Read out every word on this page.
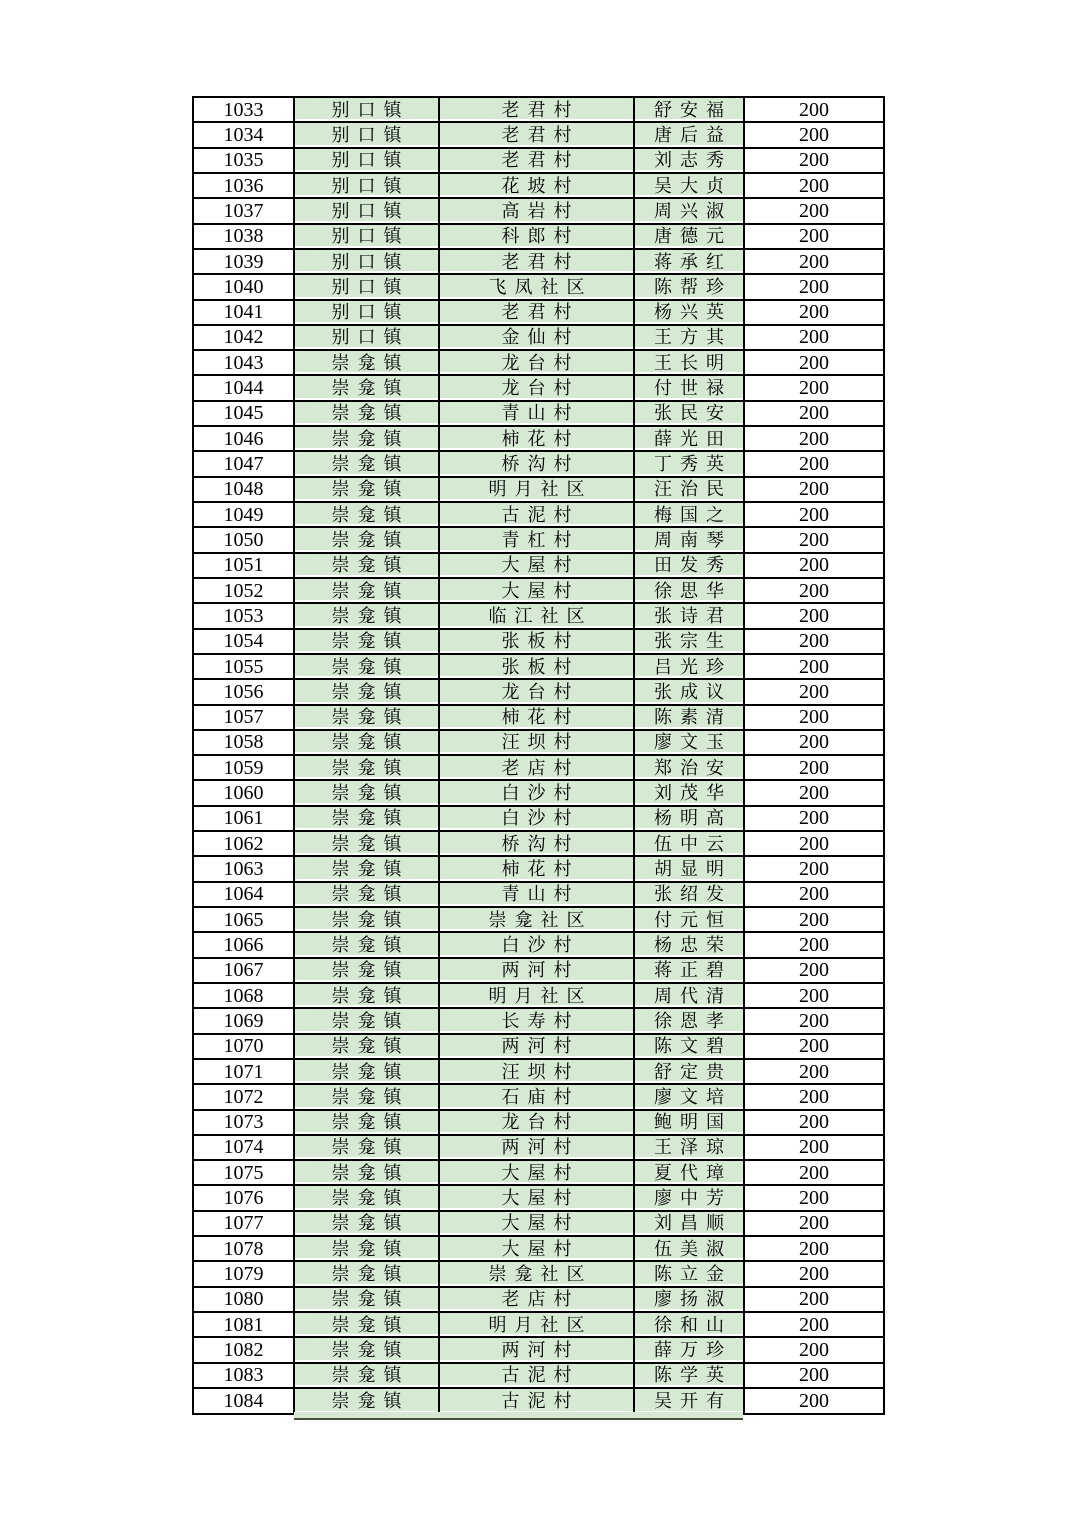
1033	别口镇	老君村	舒安福	200
1034	别口镇	老君村	唐后益	200
1035	别口镇	老君村	刘志秀	200
1036	别口镇	花坡村	吴大贞	200
1037	别口镇	高岩村	周兴淑	200
1038	别口镇	科郎村	唐德元	200
1039	别口镇	老君村	蒋承红	200
1040	别口镇	飞凤社区	陈帮珍	200
1041	别口镇	老君村	杨兴英	200
1042	别口镇	金仙村	王方其	200
1043	崇龛镇	龙台村	王长明	200
1044	崇龛镇	龙台村	付世禄	200
1045	崇龛镇	青山村	张民安	200
1046	崇龛镇	柿花村	薛光田	200
1047	崇龛镇	桥沟村	丁秀英	200
1048	崇龛镇	明月社区	汪治民	200
1049	崇龛镇	古泥村	梅国之	200
1050	崇龛镇	青杠村	周南琴	200
1051	崇龛镇	大屋村	田发秀	200
1052	崇龛镇	大屋村	徐思华	200
1053	崇龛镇	临江社区	张诗君	200
1054	崇龛镇	张板村	张宗生	200
1055	崇龛镇	张板村	吕光珍	200
1056	崇龛镇	龙台村	张成议	200
1057	崇龛镇	柿花村	陈素清	200
1058	崇龛镇	汪坝村	廖文玉	200
1059	崇龛镇	老店村	郑治安	200
1060	崇龛镇	白沙村	刘茂华	200
1061	崇龛镇	白沙村	杨明高	200
1062	崇龛镇	桥沟村	伍中云	200
1063	崇龛镇	柿花村	胡显明	200
1064	崇龛镇	青山村	张绍发	200
1065	崇龛镇	崇龛社区	付元恒	200
1066	崇龛镇	白沙村	杨忠荣	200
1067	崇龛镇	两河村	蒋正碧	200
1068	崇龛镇	明月社区	周代清	200
1069	崇龛镇	长寿村	徐恩孝	200
1070	崇龛镇	两河村	陈文碧	200
1071	崇龛镇	汪坝村	舒定贵	200
1072	崇龛镇	石庙村	廖文培	200
1073	崇龛镇	龙台村	鲍明国	200
1074	崇龛镇	两河村	王泽琼	200
1075	崇龛镇	大屋村	夏代璋	200
1076	崇龛镇	大屋村	廖中芳	200
1077	崇龛镇	大屋村	刘昌顺	200
1078	崇龛镇	大屋村	伍美淑	200
1079	崇龛镇	崇龛社区	陈立金	200
1080	崇龛镇	老店村	廖扬淑	200
1081	崇龛镇	明月社区	徐和山	200
1082	崇龛镇	两河村	薛万珍	200
1083	崇龛镇	古泥村	陈学英	200
1084	崇龛镇	古泥村	吴开有	200
